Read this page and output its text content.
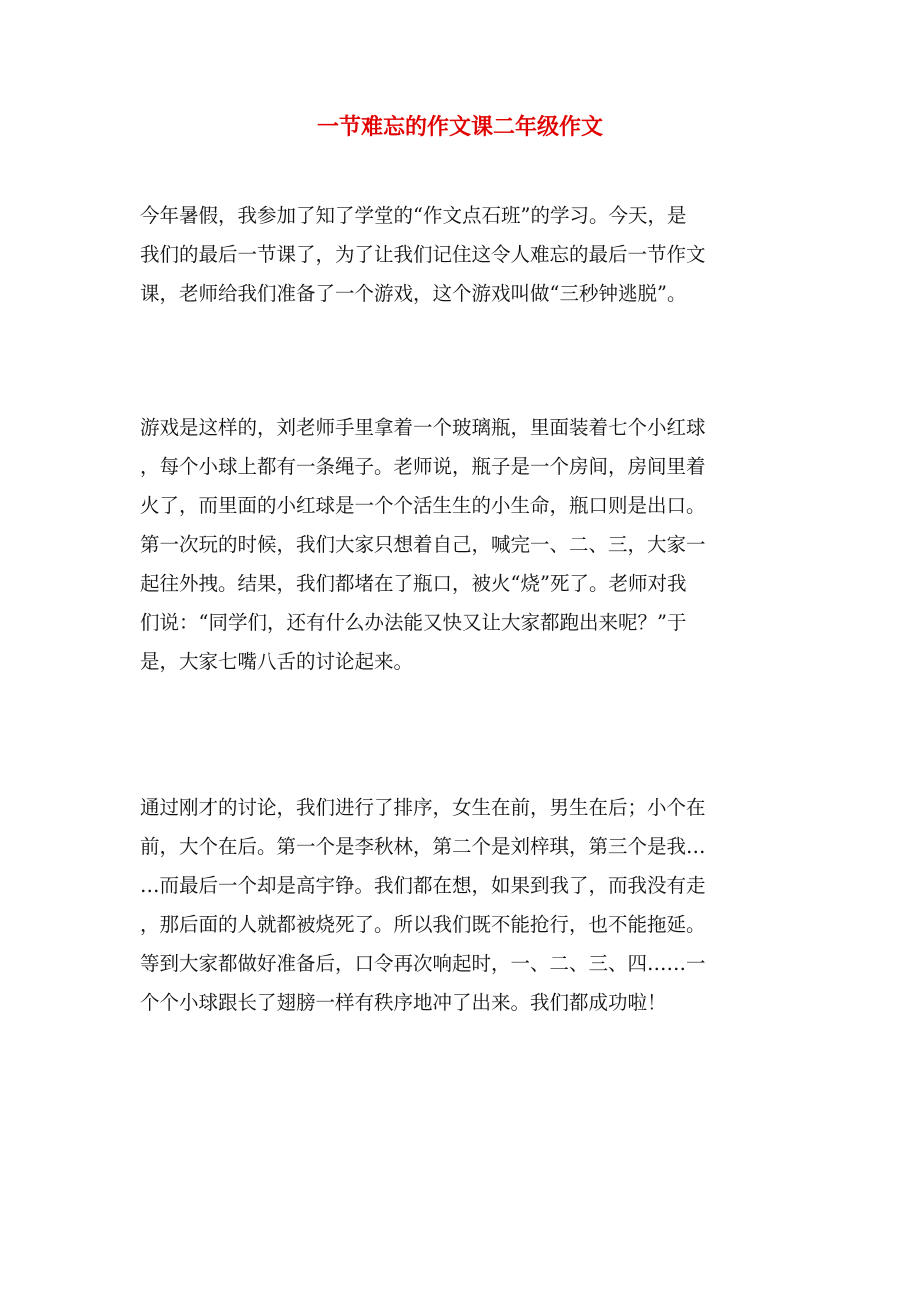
一节难忘的作文课二年级作文
今年暑假，我参加了知了学堂的“作文点石班”的学习。今天，是
我们的最后一节课了，为了让我们记住这令人难忘的最后一节作文
课，老师给我们准备了一个游戏，这个游戏叫做“三秒钟逃脱”。
游戏是这样的，刘老师手里拿着一个玻璃瓶，里面装着七个小红球
，每个小球上都有一条绳子。老师说，瓶子是一个房间，房间里着
火了，而里面的小红球是一个个活生生的小生命，瓶口则是出口。
第一次玩的时候，我们大家只想着自己，喊完一、二、三，大家一
起往外拽。结果，我们都堵在了瓶口，被火“烧”死了。老师对我
们说：“同学们，还有什么办法能又快又让大家都跑出来呢？”于
是，大家七嘴八舌的讨论起来。
通过刚才的讨论，我们进行了排序，女生在前，男生在后；小个在
前，大个在后。第一个是李秋林，第二个是刘梓琪，第三个是我…
…而最后一个却是高宇铮。我们都在想，如果到我了，而我没有走
，那后面的人就都被烧死了。所以我们既不能抢行，也不能拖延。
等到大家都做好准备后，口令再次响起时，一、二、三、四……一
个个小球跟长了翅膀一样有秩序地冲了出来。我们都成功啦！
